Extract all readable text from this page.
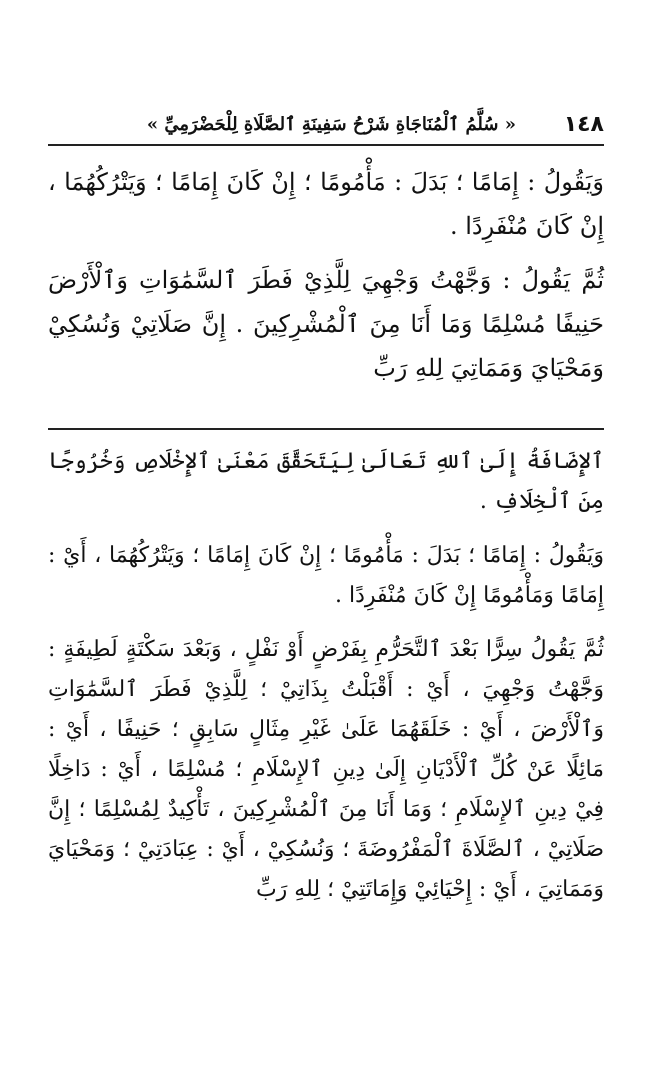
١٤٨
« سُلَّمُ ٱلْمُنَاجَاةِ شَرْحُ سَفِينَةِ ٱلصَّلَاةِ لِلْحَضْرَمِيِّ »

وَيَقُولُ : إِمَامًا ؛ بَدَلَ : مَأْمُومًا ؛ إِنْ كَانَ إِمَامًا ؛ وَيَتْرُكُهُمَا ، إِنْ كَانَ مُنْفَرِدًا .

ثُمَّ يَقُولُ : وَجَّهْتُ وَجْهِيَ لِلَّذِيْ فَطَرَ ٱلسَّمَٰوَاتِ وَٱلْأَرْضَ حَنِيفًا مُسْلِمًا وَمَا أَنَا مِنَ ٱلْمُشْرِكِينَ . إِنَّ صَلَاتِيْ وَنُسُكِيْ وَمَحْيَايَ وَمَمَاتِيَ لِلهِ رَبِّ

ٱلإِضَافَةُ إِلَىٰ ٱللهِ تَعَالَىٰ لِيَتَحَقَّقَ مَعْنَىٰ ٱلإِخْلَاصِ وَخُرُوجًا مِنَ ٱلْخِلَافِ .

وَيَقُولُ : إِمَامًا ؛ بَدَلَ : مَأْمُومًا ؛ إِنْ كَانَ إِمَامًا ؛ وَيَتْرُكُهُمَا ، أَيْ : إِمَامًا وَمَأْمُومًا إِنْ كَانَ مُنْفَرِدًا .

ثُمَّ يَقُولُ سِرًّا بَعْدَ ٱلتَّحَرُّمِ بِفَرْضٍ أَوْ نَفْلٍ ، وَبَعْدَ سَكْتَةٍ لَطِيفَةٍ : وَجَّهْتُ وَجْهِيَ ، أَيْ : أَقْبَلْتُ بِذَاتِيْ ؛ لِلَّذِيْ فَطَرَ ٱلسَّمَٰوَاتِ وَٱلْأَرْضَ ، أَيْ : خَلَقَهُمَا عَلَىٰ غَيْرِ مِثَالٍ سَابِقٍ ؛ حَنِيفًا ، أَيْ : مَائِلًا عَنْ كُلِّ ٱلْأَدْيَانِ إِلَىٰ دِينِ ٱلإِسْلَامِ ؛ مُسْلِمًا ، أَيْ : دَاخِلًا فِيْ دِينِ ٱلإِسْلَامِ ؛ وَمَا أَنَا مِنَ ٱلْمُشْرِكِينَ ، تَأْكِيدٌ لِمُسْلِمًا ؛ إِنَّ صَلَاتِيْ ، ٱلصَّلَاةَ ٱلْمَفْرُوضَةَ ؛ وَنُسُكِيْ ، أَيْ : عِبَادَتِيْ ؛ وَمَحْيَايَ وَمَمَاتِيَ ، أَيْ : إِحْيَائِيْ وَإِمَاتَتِيْ ؛ لِلهِ رَبِّ
